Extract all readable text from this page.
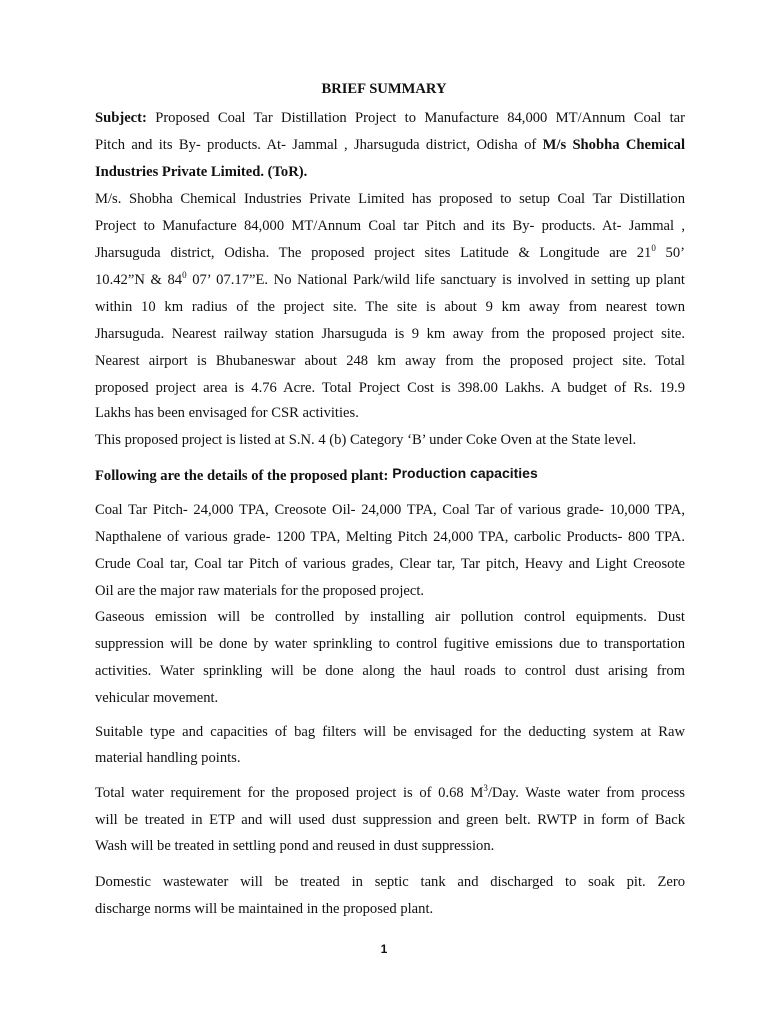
BRIEF SUMMARY
Subject: Proposed Coal Tar Distillation Project to Manufacture 84,000 MT/Annum Coal tar
Pitch and its By- products. At- Jammal , Jharsuguda district, Odisha of M/s Shobha Chemical
Industries Private Limited. (ToR).
M/s. Shobha Chemical Industries Private Limited has proposed to setup Coal Tar Distillation
Project to Manufacture 84,000 MT/Annum Coal tar Pitch and its By- products. At- Jammal ,
Jharsuguda district, Odisha. The proposed project sites Latitude & Longitude are $21^0$ 50’
10.42”N & $84^0$ 07’ 07.17”E. No National Park/wild life sanctuary is involved in setting up plant
within 10 km radius of the project site. The site is about 9 km away from nearest town
Jharsuguda. Nearest railway station Jharsuguda is 9 km away from the proposed project site.
Nearest airport is Bhubaneswar about 248 km away from the proposed project site. Total
proposed project area is 4.76 Acre. Total Project Cost is 398.00 Lakhs. A budget of Rs. 19.9
Lakhs has been envisaged for CSR activities.
This proposed project is listed at S.N. 4 (b) Category ‘B’ under Coke Oven at the State level.
Following are the details of the proposed plant: Production capacities
Coal Tar Pitch- 24,000 TPA, Creosote Oil- 24,000 TPA, Coal Tar of various grade- 10,000 TPA,
Napthalene of various grade- 1200 TPA, Melting Pitch 24,000 TPA, carbolic Products- 800 TPA.
Crude Coal tar, Coal tar Pitch of various grades, Clear tar, Tar pitch, Heavy and Light Creosote
Oil are the major raw materials for the proposed project.
Gaseous emission will be controlled by installing air pollution control equipments. Dust
suppression will be done by water sprinkling to control fugitive emissions due to transportation
activities. Water sprinkling will be done along the haul roads to control dust arising from
vehicular movement.
Suitable type and capacities of bag filters will be envisaged for the deducting system at Raw
material handling points.
Total water requirement for the proposed project is of 0.68 $M^3$/Day. Waste water from process
will be treated in ETP and will used dust suppression and green belt. RWTP in form of Back
Wash will be treated in settling pond and reused in dust suppression.
Domestic wastewater will be treated in septic tank and discharged to soak pit. Zero
discharge norms will be maintained in the proposed plant.
1
